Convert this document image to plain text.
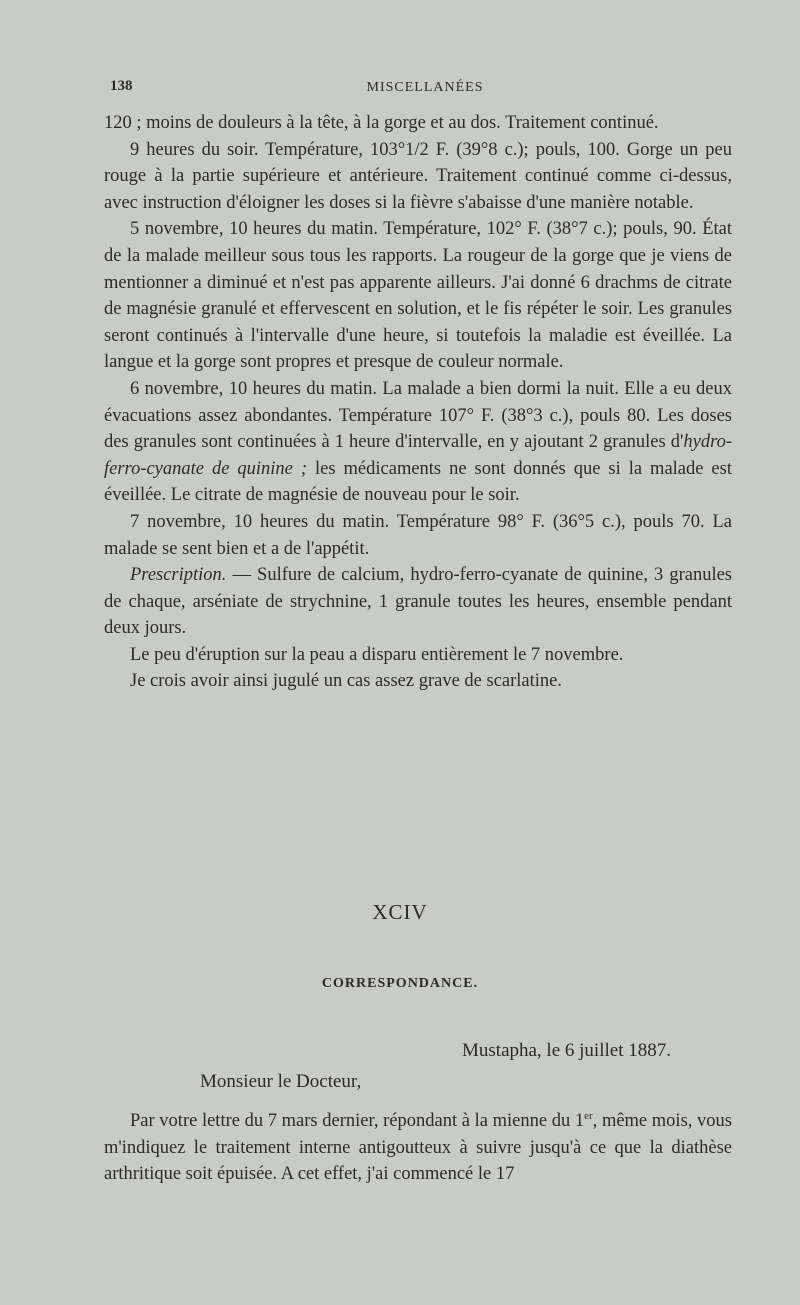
138	MISCELLANÉES

120 ; moins de douleurs à la tête, à la gorge et au dos. Traitement continué.

9 heures du soir. Température, 103°1/2 F. (39°8 c.); pouls, 100. Gorge un peu rouge à la partie supérieure et antérieure. Traitement continué comme ci-dessus, avec instruction d'éloigner les doses si la fièvre s'abaisse d'une manière notable.

5 novembre, 10 heures du matin. Température, 102° F. (38°7 c.); pouls, 90. État de la malade meilleur sous tous les rapports. La rougeur de la gorge que je viens de mentionner a diminué et n'est pas apparente ailleurs. J'ai donné 6 drachms de citrate de magnésie granulé et effervescent en solution, et le fis répéter le soir. Les granules seront continués à l'intervalle d'une heure, si toutefois la maladie est éveillée. La langue et la gorge sont propres et presque de couleur normale.

6 novembre, 10 heures du matin. La malade a bien dormi la nuit. Elle a eu deux évacuations assez abondantes. Température 107° F. (38°3 c.), pouls 80. Les doses des granules sont continuées à 1 heure d'intervalle, en y ajoutant 2 granules d'hydro-ferro-cyanate de quinine ; les médicaments ne sont donnés que si la malade est éveillée. Le citrate de magnésie de nouveau pour le soir.

7 novembre, 10 heures du matin. Température 98° F. (36°5 c.), pouls 70. La malade se sent bien et a de l'appétit.

Prescription. — Sulfure de calcium, hydro-ferro-cyanate de quinine, 3 granules de chaque, arséniate de strychnine, 1 granule toutes les heures, ensemble pendant deux jours.

Le peu d'éruption sur la peau a disparu entièrement le 7 novembre.

Je crois avoir ainsi jugulé un cas assez grave de scarlatine.

XCIV
CORRESPONDANCE.
Mustapha, le 6 juillet 1887.
Monsieur le Docteur,

Par votre lettre du 7 mars dernier, répondant à la mienne du 1er, même mois, vous m'indiquez le traitement interne antigoutteux à suivre jusqu'à ce que la diathèse arthritique soit épuisée. A cet effet, j'ai commencé le 17
